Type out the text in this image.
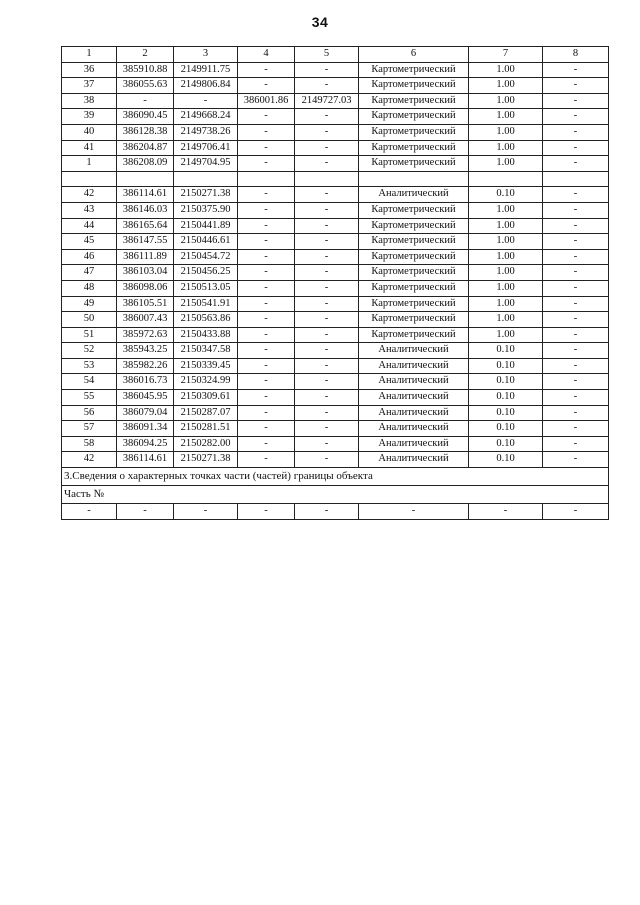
34
1	2	3	4	5	6	7	8
36	385910.88	2149911.75	-	-	Картометрический	1.00	-
37	386055.63	2149806.84	-	-	Картометрический	1.00	-
38	-	-	386001.86	2149727.03	Картометрический	1.00	-
39	386090.45	2149668.24	-	-	Картометрический	1.00	-
40	386128.38	2149738.26	-	-	Картометрический	1.00	-
41	386204.87	2149706.41	-	-	Картометрический	1.00	-
1	386208.09	2149704.95	-	-	Картометрический	1.00	-

42	386114.61	2150271.38	-	-	Аналитический	0.10	-
43	386146.03	2150375.90	-	-	Картометрический	1.00	-
44	386165.64	2150441.89	-	-	Картометрический	1.00	-
45	386147.55	2150446.61	-	-	Картометрический	1.00	-
46	386111.89	2150454.72	-	-	Картометрический	1.00	-
47	386103.04	2150456.25	-	-	Картометрический	1.00	-
48	386098.06	2150513.05	-	-	Картометрический	1.00	-
49	386105.51	2150541.91	-	-	Картометрический	1.00	-
50	386007.43	2150563.86	-	-	Картометрический	1.00	-
51	385972.63	2150433.88	-	-	Картометрический	1.00	-
52	385943.25	2150347.58	-	-	Аналитический	0.10	-
53	385982.26	2150339.45	-	-	Аналитический	0.10	-
54	386016.73	2150324.99	-	-	Аналитический	0.10	-
55	386045.95	2150309.61	-	-	Аналитический	0.10	-
56	386079.04	2150287.07	-	-	Аналитический	0.10	-
57	386091.34	2150281.51	-	-	Аналитический	0.10	-
58	386094.25	2150282.00	-	-	Аналитический	0.10	-
42	386114.61	2150271.38	-	-	Аналитический	0.10	-
3.Сведения о характерных точках части (частей) границы объекта							
Часть №							
-	-	-	-	-	-	-	-
